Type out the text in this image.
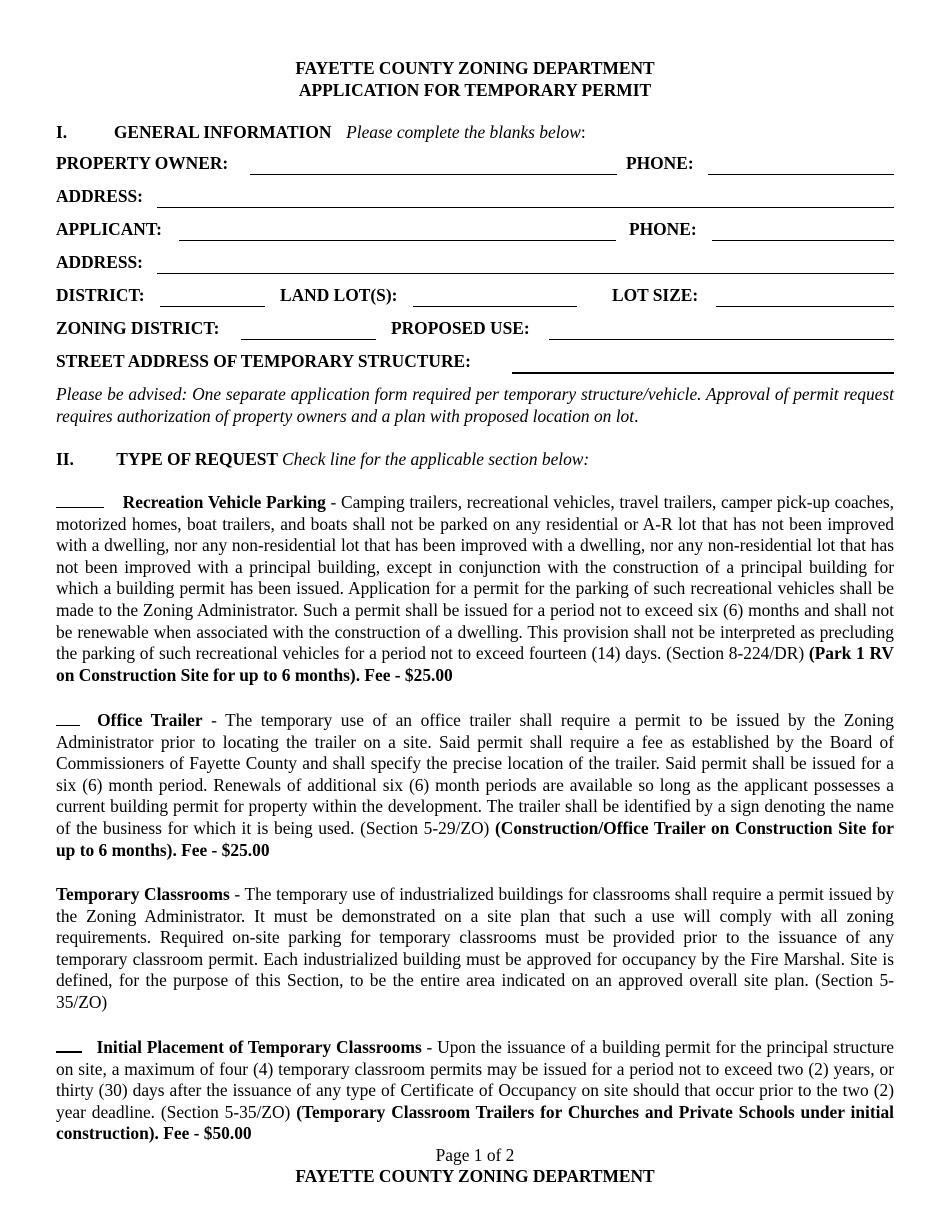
FAYETTE COUNTY ZONING DEPARTMENT
APPLICATION FOR TEMPORARY PERMIT
I.	GENERAL INFORMATION Please complete the blanks below:
PROPERTY OWNER:	PHONE:
ADDRESS:
APPLICANT:	PHONE:
ADDRESS:
DISTRICT:	LAND LOT(S):	LOT SIZE:
ZONING DISTRICT:	PROPOSED USE:
STREET ADDRESS OF TEMPORARY STRUCTURE:
Please be advised: One separate application form required per temporary structure/vehicle. Approval of permit request requires authorization of property owners and a plan with proposed location on lot.
II. TYPE OF REQUEST Check line for the applicable section below:
Recreation Vehicle Parking - Camping trailers, recreational vehicles, travel trailers, camper pick-up coaches, motorized homes, boat trailers, and boats shall not be parked on any residential or A-R lot that has not been improved with a dwelling, nor any non-residential lot that has been improved with a dwelling, nor any non-residential lot that has not been improved with a principal building, except in conjunction with the construction of a principal building for which a building permit has been issued. Application for a permit for the parking of such recreational vehicles shall be made to the Zoning Administrator. Such a permit shall be issued for a period not to exceed six (6) months and shall not be renewable when associated with the construction of a dwelling. This provision shall not be interpreted as precluding the parking of such recreational vehicles for a period not to exceed fourteen (14) days. (Section 8-224/DR) (Park 1 RV on Construction Site for up to 6 months). Fee - $25.00
Office Trailer - The temporary use of an office trailer shall require a permit to be issued by the Zoning Administrator prior to locating the trailer on a site. Said permit shall require a fee as established by the Board of Commissioners of Fayette County and shall specify the precise location of the trailer. Said permit shall be issued for a six (6) month period. Renewals of additional six (6) month periods are available so long as the applicant possesses a current building permit for property within the development. The trailer shall be identified by a sign denoting the name of the business for which it is being used. (Section 5-29/ZO) (Construction/Office Trailer on Construction Site for up to 6 months). Fee - $25.00
Temporary Classrooms - The temporary use of industrialized buildings for classrooms shall require a permit issued by the Zoning Administrator. It must be demonstrated on a site plan that such a use will comply with all zoning requirements. Required on-site parking for temporary classrooms must be provided prior to the issuance of any temporary classroom permit. Each industrialized building must be approved for occupancy by the Fire Marshal. Site is defined, for the purpose of this Section, to be the entire area indicated on an approved overall site plan. (Section 5-35/ZO)
Initial Placement of Temporary Classrooms - Upon the issuance of a building permit for the principal structure on site, a maximum of four (4) temporary classroom permits may be issued for a period not to exceed two (2) years, or thirty (30) days after the issuance of any type of Certificate of Occupancy on site should that occur prior to the two (2) year deadline. (Section 5-35/ZO) (Temporary Classroom Trailers for Churches and Private Schools under initial construction). Fee - $50.00
Page 1 of 2
FAYETTE COUNTY ZONING DEPARTMENT
